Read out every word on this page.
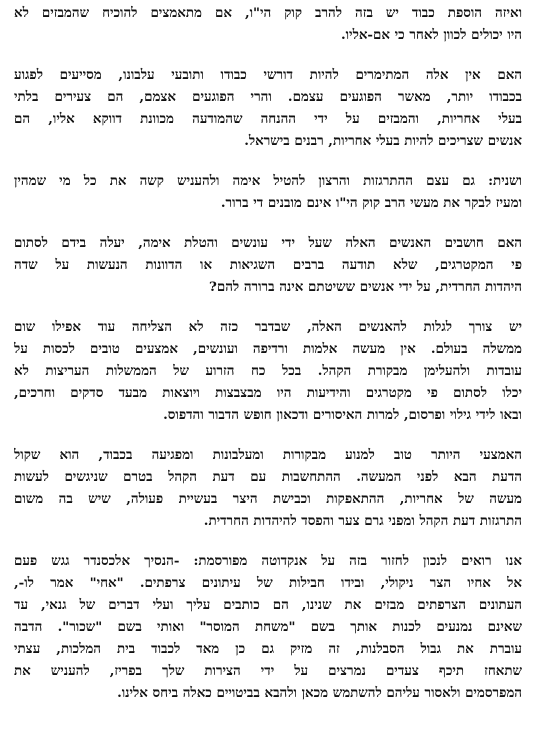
ואיזה הוספת כבוד יש בזה להרב קוק הי"ו, אם מתאמצים להוכיח שהמבזים לא
היו יכולים לכוון לאחר כי אם-אליו.
האם אין אלה המתימרים להיות דורשי כבודו ותובעי עלבונו, מסייעים לפגוע
בכבודו יותר, מאשר הפוגעים עצמם. והרי הפוגעים אצמם, הם צעירים בלתי
בעלי אחריות, והמבזים על ידי ההנחה שהמודעה מכוונת דווקא אליו, הם
אנשים שצריכים להיות בעלי אחריות, רבנים בישראל.
ושנית: גם עצם ההתרגזות והרצון להטיל אימה ולהעניש קשה את כל מי שמהין
ומעיז לבקר את מעשי הרב קוק הי"ו אינם מובנים די ברור.
האם חושבים האנשים האלה שעל ידי עונשים והטלת אימה, יעלה בידם לסתום
פי המקטרגים, שלא תודעה ברבים השגיאות או הדוונות הנעשות על שדה
היהדות החרדית, על ידי אנשים ששיטתם אינה ברורה להם?
יש צורך לגלות להאנשים האלה, שבדבר כזה לא הצליחה עוד אפילו שום
ממשלה בעולם. אין מעשה אלמות ורדיפה ועונשים, אמצעים טובים לכסות על
עובדות ולהעלימן מבקורת הקהל. בכל כח הזרוע של הממשלות העריצות לא
יכלו לסתום פי מקטרגים והידיעות היו מבצבצות ויוצאות מבעד סדקים וחרכים,
ובאו לידי גילוי ופרסום, למרות האיסורים ודכאון חופש הדבור והדפוס.
האמצעי היותר טוב למנוע מבקורות ומעלבונות ומפגיעה בכבוד, הוא שקול
הדעת הבא לפני המעשה. ההתחשבות עם דעת הקהל בטרם שניגשים לעשות
מעשה של אחריות, ההתאפקות וכבישת היצר בעשיית פעולה, שיש בה משום
התרגזות דעת הקהל ומפני גרם צער והפסד להיהדות החרדית.
אנו רואים לנכון לחזור בזה על אנקדוטה מפורסמת: -הנסיך אלכסנדר גגש פעם
אל אחיו הצר ניקולי, ובידו חבילות של עיתונים צרפתים. "אחי" אמר לו-,
העתונים הצרפתים מבזים את שנינו, הם כותבים עליך ועלי דברים של גנאי, עד
שאינם נמנעים לכנות אותך בשם "משחת המוסר" ואותי בשם "שכור". הדבה
עוברת את גבול הסבלנות, זה מזיק גם כן מאד לכבוד בית המלכות, עצתי
שתאחז תיכף צעדים נמרצים על ידי הצירות שלך בפריז, להעניש את
המפרסמים ולאסור עליהם להשתמש מכאן ולהבא בביטויים כאלה ביחס אלינו.
